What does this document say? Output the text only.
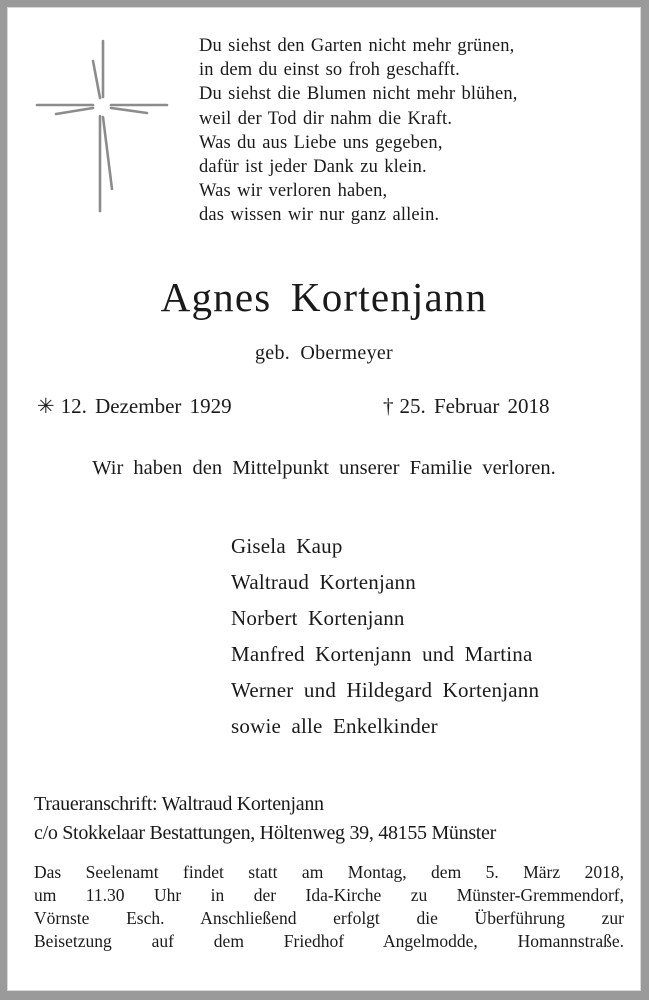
Du siehst den Garten nicht mehr grünen,
in dem du einst so froh geschafft.
Du siehst die Blumen nicht mehr blühen,
weil der Tod dir nahm die Kraft.
Was du aus Liebe uns gegeben,
dafür ist jeder Dank zu klein.
Was wir verloren haben,
das wissen wir nur ganz allein.
Agnes Kortenjann
geb. Obermeyer
✳ 12. Dezember 1929	† 25. Februar 2018
Wir haben den Mittelpunkt unserer Familie verloren.
Gisela Kaup
Waltraud Kortenjann
Norbert Kortenjann
Manfred Kortenjann und Martina
Werner und Hildegard Kortenjann
sowie alle Enkelkinder
Traueranschrift: Waltraud Kortenjann
c/o Stokkelaar Bestattungen, Höltenweg 39, 48155 Münster
Das Seelenamt findet statt am Montag, dem 5. März 2018,
um 11.30 Uhr in der Ida-Kirche zu Münster-Gremmendorf,
Vörnste Esch. Anschließend erfolgt die Überführung zur
Beisetzung auf dem Friedhof Angelmodde, Homannstraße.
